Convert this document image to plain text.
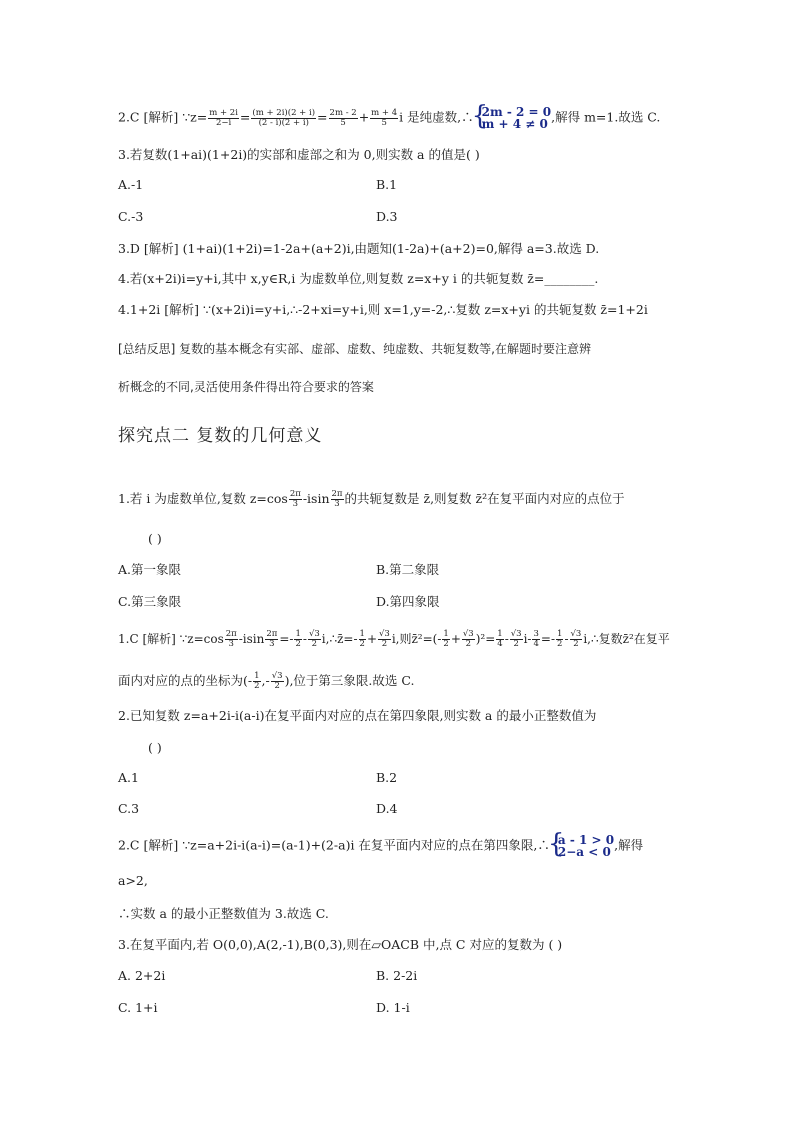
2.C [解析] ∵z= $\frac{m + 2i}{2-i} = \frac{(m + 2i)(2 + i)}{(2 - i)(2 + i)} = \frac{2m - 2}{5} + \frac{m + 4}{5}$ i 是纯虚数,∴ { 2m - 2 = 0
m + 4 ≠ 0 ,解得 m=1.故选 C.
3.若复数(1+ai)(1+2i)的实部和虚部之和为 0,则实数 a 的值是( )
A.-1	B.1
C.-3	D.3
3.D [解析] (1+ai)(1+2i)=1-2a+(a+2)i,由题知(1-2a)+(a+2)=0,解得 a=3.故选 D.
4.若(x+2i)i=y+i,其中 x,y∈R,i 为虚数单位,则复数 z=x+y i 的共轭复数 z̄=________.
4.1+2i [解析] ∵(x+2i)i=y+i,∴-2+xi=y+i,则 x=1,y=-2,∴复数 z=x+yi 的共轭复数 z̄=1+2i
[总结反思] 复数的基本概念有实部、虚部、虚数、纯虚数、共轭复数等,在解题时要注意辨
析概念的不同,灵活使用条件得出符合要求的答案
探究点二 复数的几何意义
1.若 i 为虚数单位,复数 $z=\cos \frac{2\pi}{3} -isin \frac{2\pi}{3}$ 的共轭复数是 z̄,则复数 z̄²在复平面内对应的点位于
( )
A.第一象限	B.第二象限
C.第三象限	D.第四象限
1.C [解析] ∵z=cos $\frac{2\pi}{3} -isin \frac{2\pi}{3} =- \frac{1}{2} - \frac{√3}{2}$ i,∴z̄=- $\frac{1}{2} + \frac{√3}{2} i$,则z̄²=(- $\frac{1}{2} + \frac{√3}{2} )^2= \frac{1}{4} - \frac{√3}{2} i- \frac{3}{4} =- \frac{1}{2} - \frac{√3}{2}$ i,∴复数z̄²在复平
面内对应的点的坐标为(- $\frac{1}{2}$ ,- $\frac{√3}{2}$ ),位于第三象限.故选 C.
2.已知复数 z=a+2i-i(a-i)在复平面内对应的点在第四象限,则实数 a 的最小正整数值为
( )
A.1	B.2
C.3	D.4
2.C [解析] ∵z=a+2i-i(a-i)=(a-1)+(2-a)i 在复平面内对应的点在第四象限,∴ { a - 1 > 0
2−a < 0 ,解得
a>2,
∴实数 a 的最小正整数值为 3.故选 C.
3.在复平面内,若 O(0,0),A(2,-1),B(0,3),则在▱OACB 中,点 C 对应的复数为 ( )
A. 2+2i	B. 2-2i
C. 1+i	D. 1-i
